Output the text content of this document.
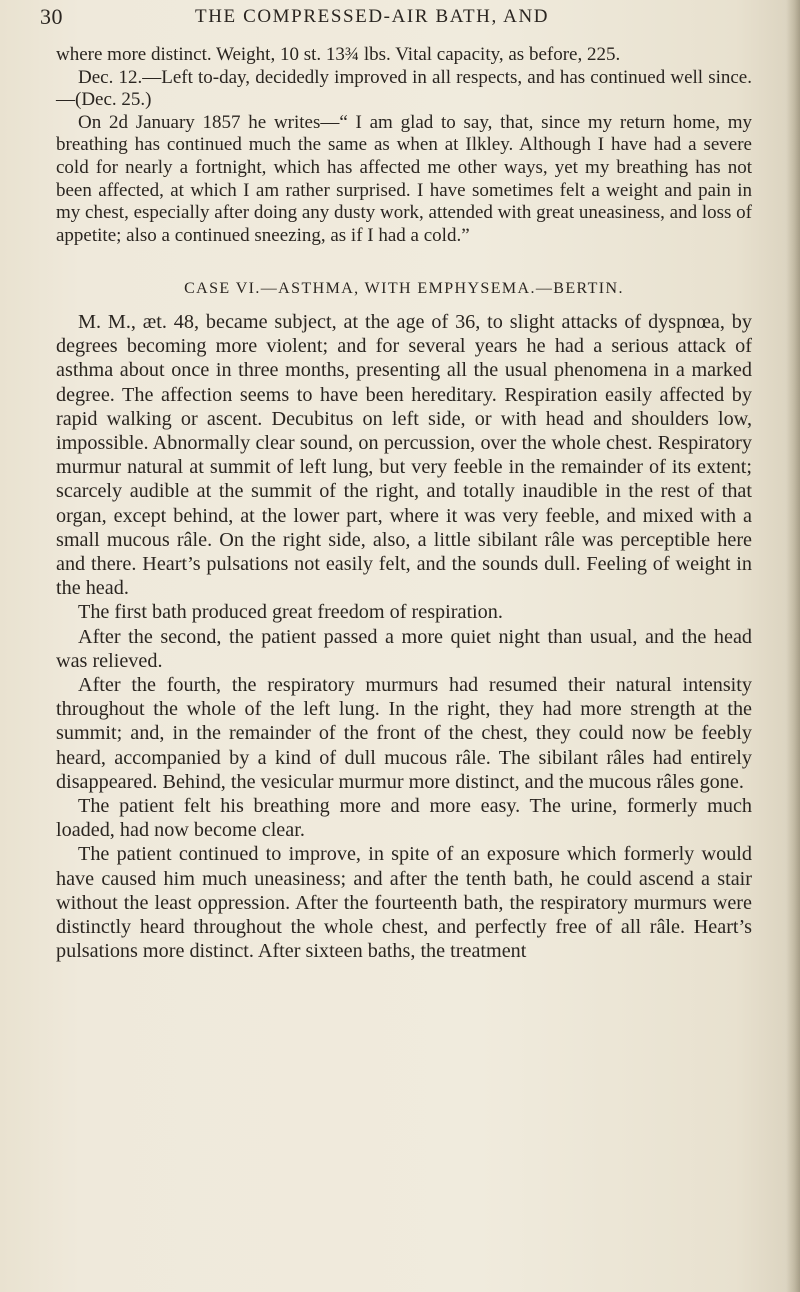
30	THE COMPRESSED-AIR BATH, AND

where more distinct. Weight, 10 st. 13¾ lbs. Vital capacity, as before, 225.

Dec. 12.—Left to-day, decidedly improved in all respects, and has continued well since.—(Dec. 25.)

On 2d January 1857 he writes—“ I am glad to say, that, since my return home, my breathing has continued much the same as when at Ilkley. Although I have had a severe cold for nearly a fortnight, which has affected me other ways, yet my breathing has not been affected, at which I am rather surprised. I have sometimes felt a weight and pain in my chest, especially after doing any dusty work, attended with great uneasiness, and loss of appetite; also a continued sneezing, as if I had a cold.”

CASE VI.—ASTHMA, WITH EMPHYSEMA.—BERTIN.

M. M., æt. 48, became subject, at the age of 36, to slight attacks of dyspnœa, by degrees becoming more violent; and for several years he had a serious attack of asthma about once in three months, presenting all the usual phenomena in a marked degree. The affection seems to have been hereditary. Respiration easily affected by rapid walking or ascent. Decubitus on left side, or with head and shoulders low, impossible. Abnormally clear sound, on percussion, over the whole chest. Respiratory murmur natural at summit of left lung, but very feeble in the remainder of its extent; scarcely audible at the summit of the right, and totally inaudible in the rest of that organ, except behind, at the lower part, where it was very feeble, and mixed with a small mucous râle. On the right side, also, a little sibilant râle was perceptible here and there. Heart’s pulsations not easily felt, and the sounds dull. Feeling of weight in the head.

The first bath produced great freedom of respiration.

After the second, the patient passed a more quiet night than usual, and the head was relieved.

After the fourth, the respiratory murmurs had resumed their natural intensity throughout the whole of the left lung. In the right, they had more strength at the summit; and, in the remainder of the front of the chest, they could now be feebly heard, accompanied by a kind of dull mucous râle. The sibilant râles had entirely disappeared. Behind, the vesicular murmur more distinct, and the mucous râles gone.

The patient felt his breathing more and more easy. The urine, formerly much loaded, had now become clear.

The patient continued to improve, in spite of an exposure which formerly would have caused him much uneasiness; and after the tenth bath, he could ascend a stair without the least oppression. After the fourteenth bath, the respiratory murmurs were distinctly heard throughout the whole chest, and perfectly free of all râle. Heart’s pulsations more distinct. After sixteen baths, the treatment
